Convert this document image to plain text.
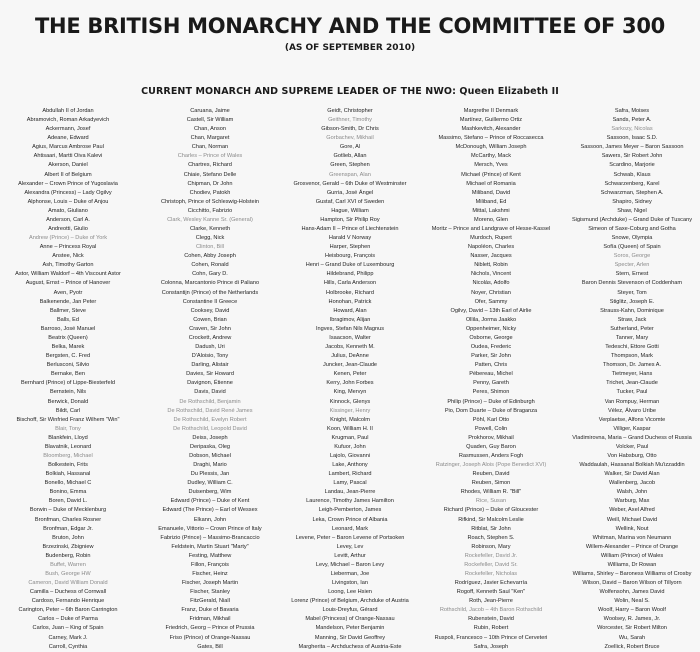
THE BRITISH MONARCHY AND THE COMMITTEE OF 300
(AS OF SEPTEMBER 2010)
CURRENT MONARCH AND SUPREME LEADER OF THE NWO: Queen Elizabeth II
Abdullah II of Jordan
Abramovich, Roman Arkadyevich
Ackermann, Josef
Adeane, Edward
Agius, Marcus Ambrose Paul
Ahtisaari, Martti Oiva Kalevi
Akerson, Daniel
Albert II of Belgium
Alexander – Crown Prince of Yugoslavia
Alexandra (Princess) – Lady Ogilvy
Alphonse, Louis – Duke of Anjou
Amato, Giuliano
Anderson, Carl A.
Andreotti, Giulio
Andrew (Prince) – Duke of York
Anne – Princess Royal
Anstee, Nick
Ash, Timothy Garton
Astor, William Waldorf – 4th Viscount Astor
August, Ernst – Prince of Hanover
Aven, Pyotr
Balkenende, Jan Peter
Ballmer, Steve
Balls, Ed
Barroso, José Manuel
Beatrix (Queen)
Belka, Marek
Bergsten, C. Fred
Berlusconi, Silvio
Bernake, Ben
Bernhard (Prince) of Lippe-Biesterfeld
Bernstein, Nils
Berwick, Donald
Bildt, Carl
Bischoff, Sir Winfried Franz Wilhem "Win"
Blair, Tony
Blankfein, Lloyd
Blavatnik, Leonard
Bloomberg, Michael
Bolkestein, Frits
Bolkiah, Hassanal
Bonello, Michael C
Bonino, Emma
Boren, David L.
Borwin – Duke of Mecklenburg
Bronfman, Charles Rosner
Bronfman, Edgar Jr.
Bruton, John
Brzezinski, Zbigniew
Budenberg, Robin
Buffet, Warren
Bush, George HW
Cameron, David William Donald
Camilla – Duchess of Cornwall
Cardoso, Fernando Henrique
Carington, Peter – 6th Baron Carrington
Carlos – Duke of Parma
Carlos, Juan – King of Spain
Carney, Mark J.
Carroll, Cynthia
Caruana, Jaime
Castell, Sir William
Chan, Anson
Chan, Margaret
Chan, Norman
Charles – Prince of Wales
Chartres, Richard
Chiaie, Stefano Delle
Chipman, Dr John
Chodiev, Patokh
Christoph, Prince of Schleswig-Holstein
Cicchitto, Fabrizio
Clark, Wesley Kanne Sr. (General)
Clarke, Kenneth
Clegg, Nick
Clinton, Bill
Cohen, Abby Joseph
Cohen, Ronald
Cohn, Gary D.
Colonna, Marcantonio Prince di Paliano
Constantijn (Prince) of the Netherlands
Constantine II Greece
Cooksey, David
Cowen, Brian
Craven, Sir John
Crockett, Andrew
Dadush, Uri
D'Aloisio, Tony
Darling, Alistair
Davies, Sir Howard
Davignon, Étienne
Davis, David
De Rothschild, Benjamin
De Rothschild, David René James
De Rothschild, Evelyn Robert
De Rothschild, Leopold David
Deiss, Joseph
Deripaska, Oleg
Dobson, Michael
Draghi, Mario
Du Plessis, Jan
Dudley, William C.
Duisenberg, Wim
Edward (Prince) – Duke of Kent
Edward (The Prince) – Earl of Wessex
Elkann, John
Emanuele, Vittorio – Crown Prince of Italy
Fabrizio (Prince) – Massimo-Brancaccio
Feldstein, Martin Stuart "Marty"
Festing, Matthew
Fillon, François
Fischer, Heinz
Fischer, Joseph Martin
Fischer, Stanley
FitzGerald, Niall
Franz, Duke of Bavaria
Fridman, Mikhail
Friedrich, Georg – Prince of Prussia
Friso (Prince) of Orange-Nassau
Gates, Bill
Geidt, Christopher
Geithner, Timothy
Gibson-Smith, Dr Chris
Gorbachev, Mikhail
Gore, Al
Gotlieb, Allan
Green, Stephen
Greenspan, Alan
Grosvenor, Gerald – 6th Duke of Westminster
Gurria, José Ángel
Gustaf, Carl XVI of Sweden
Hague, William
Hampton, Sir Philip Roy
Hans-Adam II – Prince of Liechtenstein
Harald V Norway
Harper, Stephen
Heisbourg, François
Henri – Grand Duke of Luxembourg
Hildebrand, Philipp
Hills, Carla Anderson
Holbrooke, Richard
Honohan, Patrick
Howard, Alan
Ibragimov, Alijan
Ingves, Stefan Nils Magnus
Isaacson, Walter
Jacobs, Kenneth M.
Julius, DeAnne
Juncker, Jean-Claude
Kenen, Peter
Kerry, John Forbes
King, Mervyn
Kinnock, Glenys
Kissinger, Henry
Knight, Malcolm
Koon, William H. II
Krugman, Paul
Kufuor, John
Lajolo, Giovanni
Lake, Anthony
Lambert, Richard
Lamy, Pascal
Landau, Jean-Pierre
Laurence, Timothy James Hamilton
Leigh-Pemberton, James
Leka, Crown Prince of Albania
Leonard, Mark
Levene, Peter – Baron Levene of Portsoken
Levey, Lev
Levitt, Arthur
Levy, Michael – Baron Levy
Lieberman, Joe
Livingston, Ian
Loong, Lee Hsien
Lorenz (Prince) of Belgium, Archduke of Austria
Louis-Dreyfus, Gérard
Mabel (Princess) of Orange-Nassau
Mandelson, Peter Benjamin
Manning, Sir David Geoffrey
Margherita – Archduchess of Austria-Este
Margrethe II Denmark
Martínez, Guillermo Ortiz
Mashkevitch, Alexander
Massimo, Stefano – Prince of Roccasecca
McDonough, William Joseph
McCarthy, Mack
Mersch, Yves
Michael (Prince) of Kent
Michael of Romania
Miliband, David
Miliband, Ed
Mittal, Lakshmi
Moreno, Glen
Moritz – Prince and Landgrave of Hesse-Kassel
Murdoch, Rupert
Napoléon, Charles
Nasser, Jacques
Niblett, Robin
Nichols, Vincent
Nicolás, Adolfo
Noyer, Christian
Ofer, Sammy
Ogilvy, David – 13th Earl of Airlie
Ollila, Jorma Jaakko
Oppenheimer, Nicky
Osborne, George
Oudea, Frederic
Parker, Sir John
Patten, Chris
Pébereau, Michel
Penny, Gareth
Peres, Shimon
Philip (Prince) – Duke of Edinburgh
Pio, Dom Duarte – Duke of Braganza
Pöhl, Karl Otto
Powell, Colin
Prokhorov, Mikhail
Quaden, Guy Baron
Rasmussen, Anders Fogh
Ratzinger, Joseph Alois (Pope Benedict XVI)
Reuben, David
Reuben, Simon
Rhodes, William R. "Bill"
Rice, Susan
Richard (Prince) – Duke of Gloucester
Rifkind, Sir Malcolm Leslie
Ritblat, Sir John
Roach, Stephen S.
Robinson, Mary
Rockefeller, David Jr.
Rockefeller, David Sr.
Rockefeller, Nicholas
Rodríguez, Javier Echevarría
Rogoff, Kenneth Saul "Ken"
Roth, Jean-Pierre
Rothschild, Jacob – 4th Baron Rothschild
Rubenstein, David
Rubin, Robert
Ruspoli, Francesco – 10th Prince of Cerveteri
Safra, Joseph
Safra, Moises
Sands, Peter A.
Sarkozy, Nicolas
Sassoon, Isaac S.D.
Sassoon, James Meyer – Baron Sassoon
Sawers, Sir Robert John
Scardino, Marjorie
Schwab, Klaus
Schwarzenberg, Karel
Schwarzman, Stephen A.
Shapiro, Sidney
Shaw, Nigel
Sigismund (Archduke) – Grand Duke of Tuscany
Simeon of Saxe-Coburg and Gotha
Snowe, Olympia
Sofía (Queen) of Spain
Soros, George
Specter, Arlen
Stern, Ernest
Baron Dennis Stevenson of Coddenham
Steyer, Tom
Stiglitz, Joseph E.
Strauss-Kahn, Dominique
Straw, Jack
Sutherland, Peter
Tanner, Mary
Tedeschi, Ettore Gotti
Thompson, Mark
Thomson, Dr. James A.
Tietmeyer, Hans
Trichet, Jean-Claude
Tucker, Paul
Van Rompuy, Herman
Vélez, Álvaro Uribe
Verplaetse, Alfons Vicomte
Villiger, Kaspar
Vladimirovna, Maria – Grand Duchess of Russia
Volcker, Paul
Von Habsburg, Otto
Waddaulah, Hassanal Bolkiah Mu'izzaddin
Walker, Sir David Alan
Wallenberg, Jacob
Walsh, John
Warburg, Max
Weber, Axel Alfred
Weill, Michael David
Wellink, Nout
Whitman, Marina von Neumann
Willem-Alexander – Prince of Orange
William (Prince) of Wales
Williams, Dr Rowan
Williams, Shirley – Baroness Williams of Crosby
Wilson, David – Baron Wilson of Tillyorn
Wolfensohn, James David
Wolin, Neal S.
Woolf, Harry – Baron Woolf
Woolsey, R. James, Jr.
Worcester, Sir Robert Milton
Wu, Sarah
Zoellick, Robert Bruce
